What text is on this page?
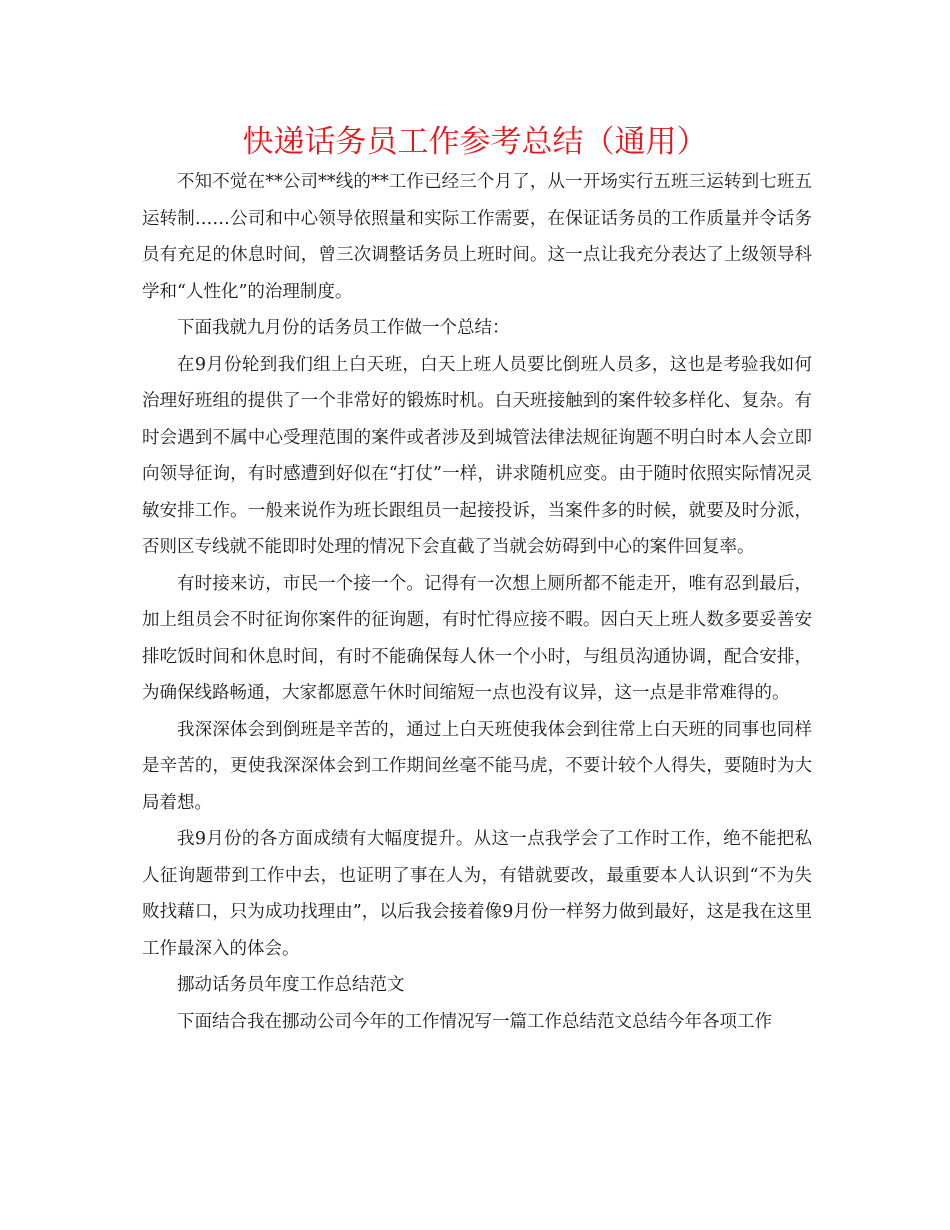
快递话务员工作参考总结（通用）

不知不觉在**公司**线的**工作已经三个月了，从一开场实行五班三运转到七班五运转制……公司和中心领导依照量和实际工作需要，在保证话务员的工作质量并令话务员有充足的休息时间，曾三次调整话务员上班时间。这一点让我充分表达了上级领导科学和“人性化”的治理制度。

下面我就九月份的话务员工作做一个总结：

在9月份轮到我们组上白天班，白天上班人员要比倒班人员多，这也是考验我如何治理好班组的提供了一个非常好的锻炼时机。白天班接触到的案件较多样化、复杂。有时会遇到不属中心受理范围的案件或者涉及到城管法律法规征询题不明白时本人会立即向领导征询，有时感遭到好似在“打仗”一样，讲求随机应变。由于随时依照实际情况灵敏安排工作。一般来说作为班长跟组员一起接投诉，当案件多的时候，就要及时分派，否则区专线就不能即时处理的情况下会直截了当就会妨碍到中心的案件回复率。

有时接来访，市民一个接一个。记得有一次想上厕所都不能走开，唯有忍到最后，加上组员会不时征询你案件的征询题，有时忙得应接不暇。因白天上班人数多要妥善安排吃饭时间和休息时间，有时不能确保每人休一个小时，与组员沟通协调，配合安排，为确保线路畅通，大家都愿意午休时间缩短一点也没有议异，这一点是非常难得的。

我深深体会到倒班是辛苦的，通过上白天班使我体会到往常上白天班的同事也同样是辛苦的，更使我深深体会到工作期间丝毫不能马虎，不要计较个人得失，要随时为大局着想。

我9月份的各方面成绩有大幅度提升。从这一点我学会了工作时工作，绝不能把私人征询题带到工作中去，也证明了事在人为，有错就要改，最重要本人认识到“不为失败找藉口，只为成功找理由”，以后我会接着像9月份一样努力做到最好，这是我在这里工作最深入的体会。

挪动话务员年度工作总结范文

下面结合我在挪动公司今年的工作情况写一篇工作总结范文总结今年各项工作
